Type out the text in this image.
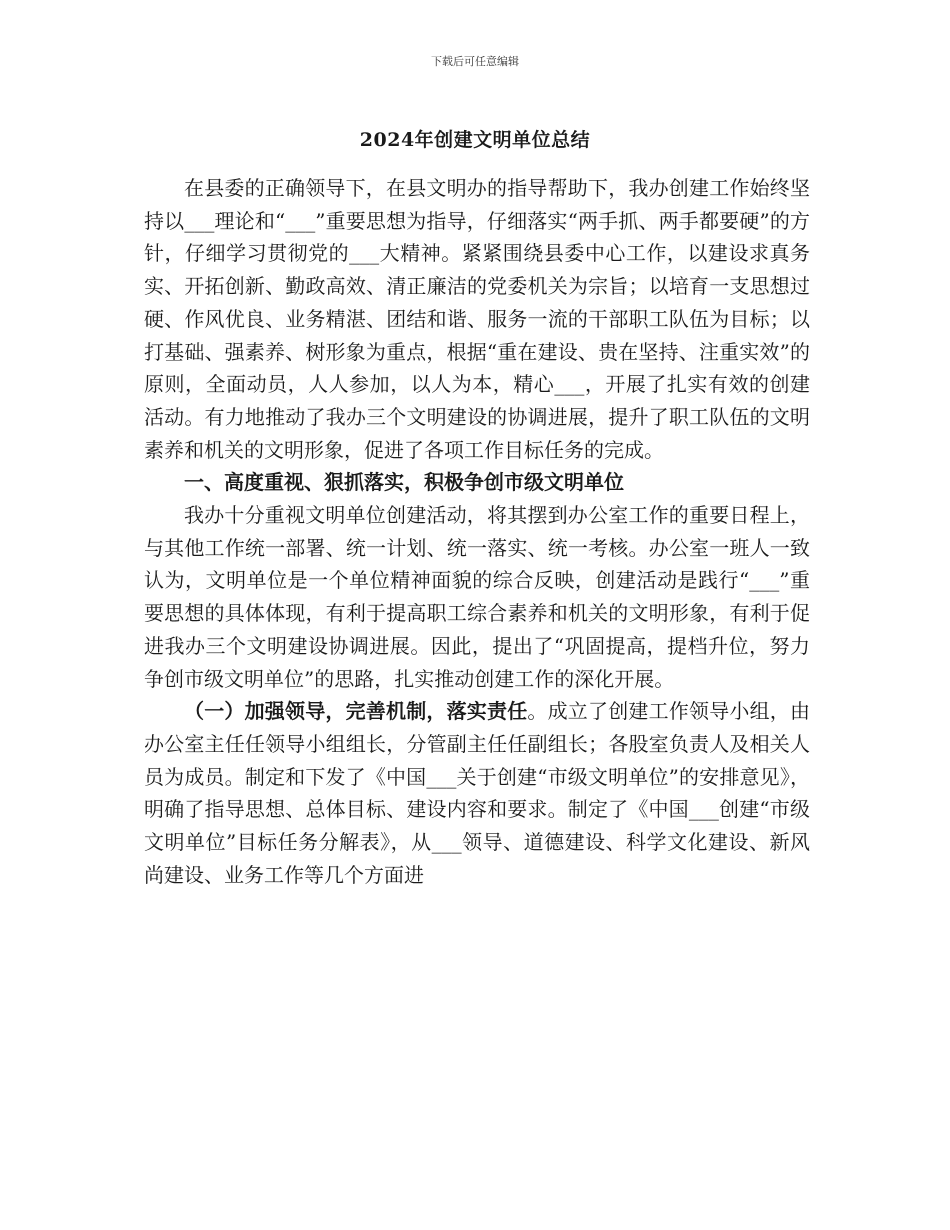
下载后可任意编辑
2024年创建文明单位总结

在县委的正确领导下，在县文明办的指导帮助下，我办创建工作始终坚持以___理论和“___”重要思想为指导，仔细落实“两手抓、两手都要硬”的方针，仔细学习贯彻党的___大精神。紧紧围绕县委中心工作，以建设求真务实、开拓创新、勤政高效、清正廉洁的党委机关为宗旨；以培育一支思想过硬、作风优良、业务精湛、团结和谐、服务一流的干部职工队伍为目标；以打基础、强素养、树形象为重点，根据“重在建设、贵在坚持、注重实效”的原则，全面动员，人人参加，以人为本，精心___，开展了扎实有效的创建活动。有力地推动了我办三个文明建设的协调进展，提升了职工队伍的文明素养和机关的文明形象，促进了各项工作目标任务的完成。

一、高度重视、狠抓落实，积极争创市级文明单位

我办十分重视文明单位创建活动，将其摆到办公室工作的重要日程上，与其他工作统一部署、统一计划、统一落实、统一考核。办公室一班人一致认为，文明单位是一个单位精神面貌的综合反映，创建活动是践行“___”重要思想的具体体现，有利于提高职工综合素养和机关的文明形象，有利于促进我办三个文明建设协调进展。因此，提出了“巩固提高，提档升位，努力争创市级文明单位”的思路，扎实推动创建工作的深化开展。

（一）加强领导，完善机制，落实责任。成立了创建工作领导小组，由办公室主任任领导小组组长，分管副主任任副组长；各股室负责人及相关人员为成员。制定和下发了《中国___关于创建“市级文明单位”的安排意见》，明确了指导思想、总体目标、建设内容和要求。制定了《中国___创建“市级文明单位”目标任务分解表》，从___领导、道德建设、科学文化建设、新风尚建设、业务工作等几个方面进
